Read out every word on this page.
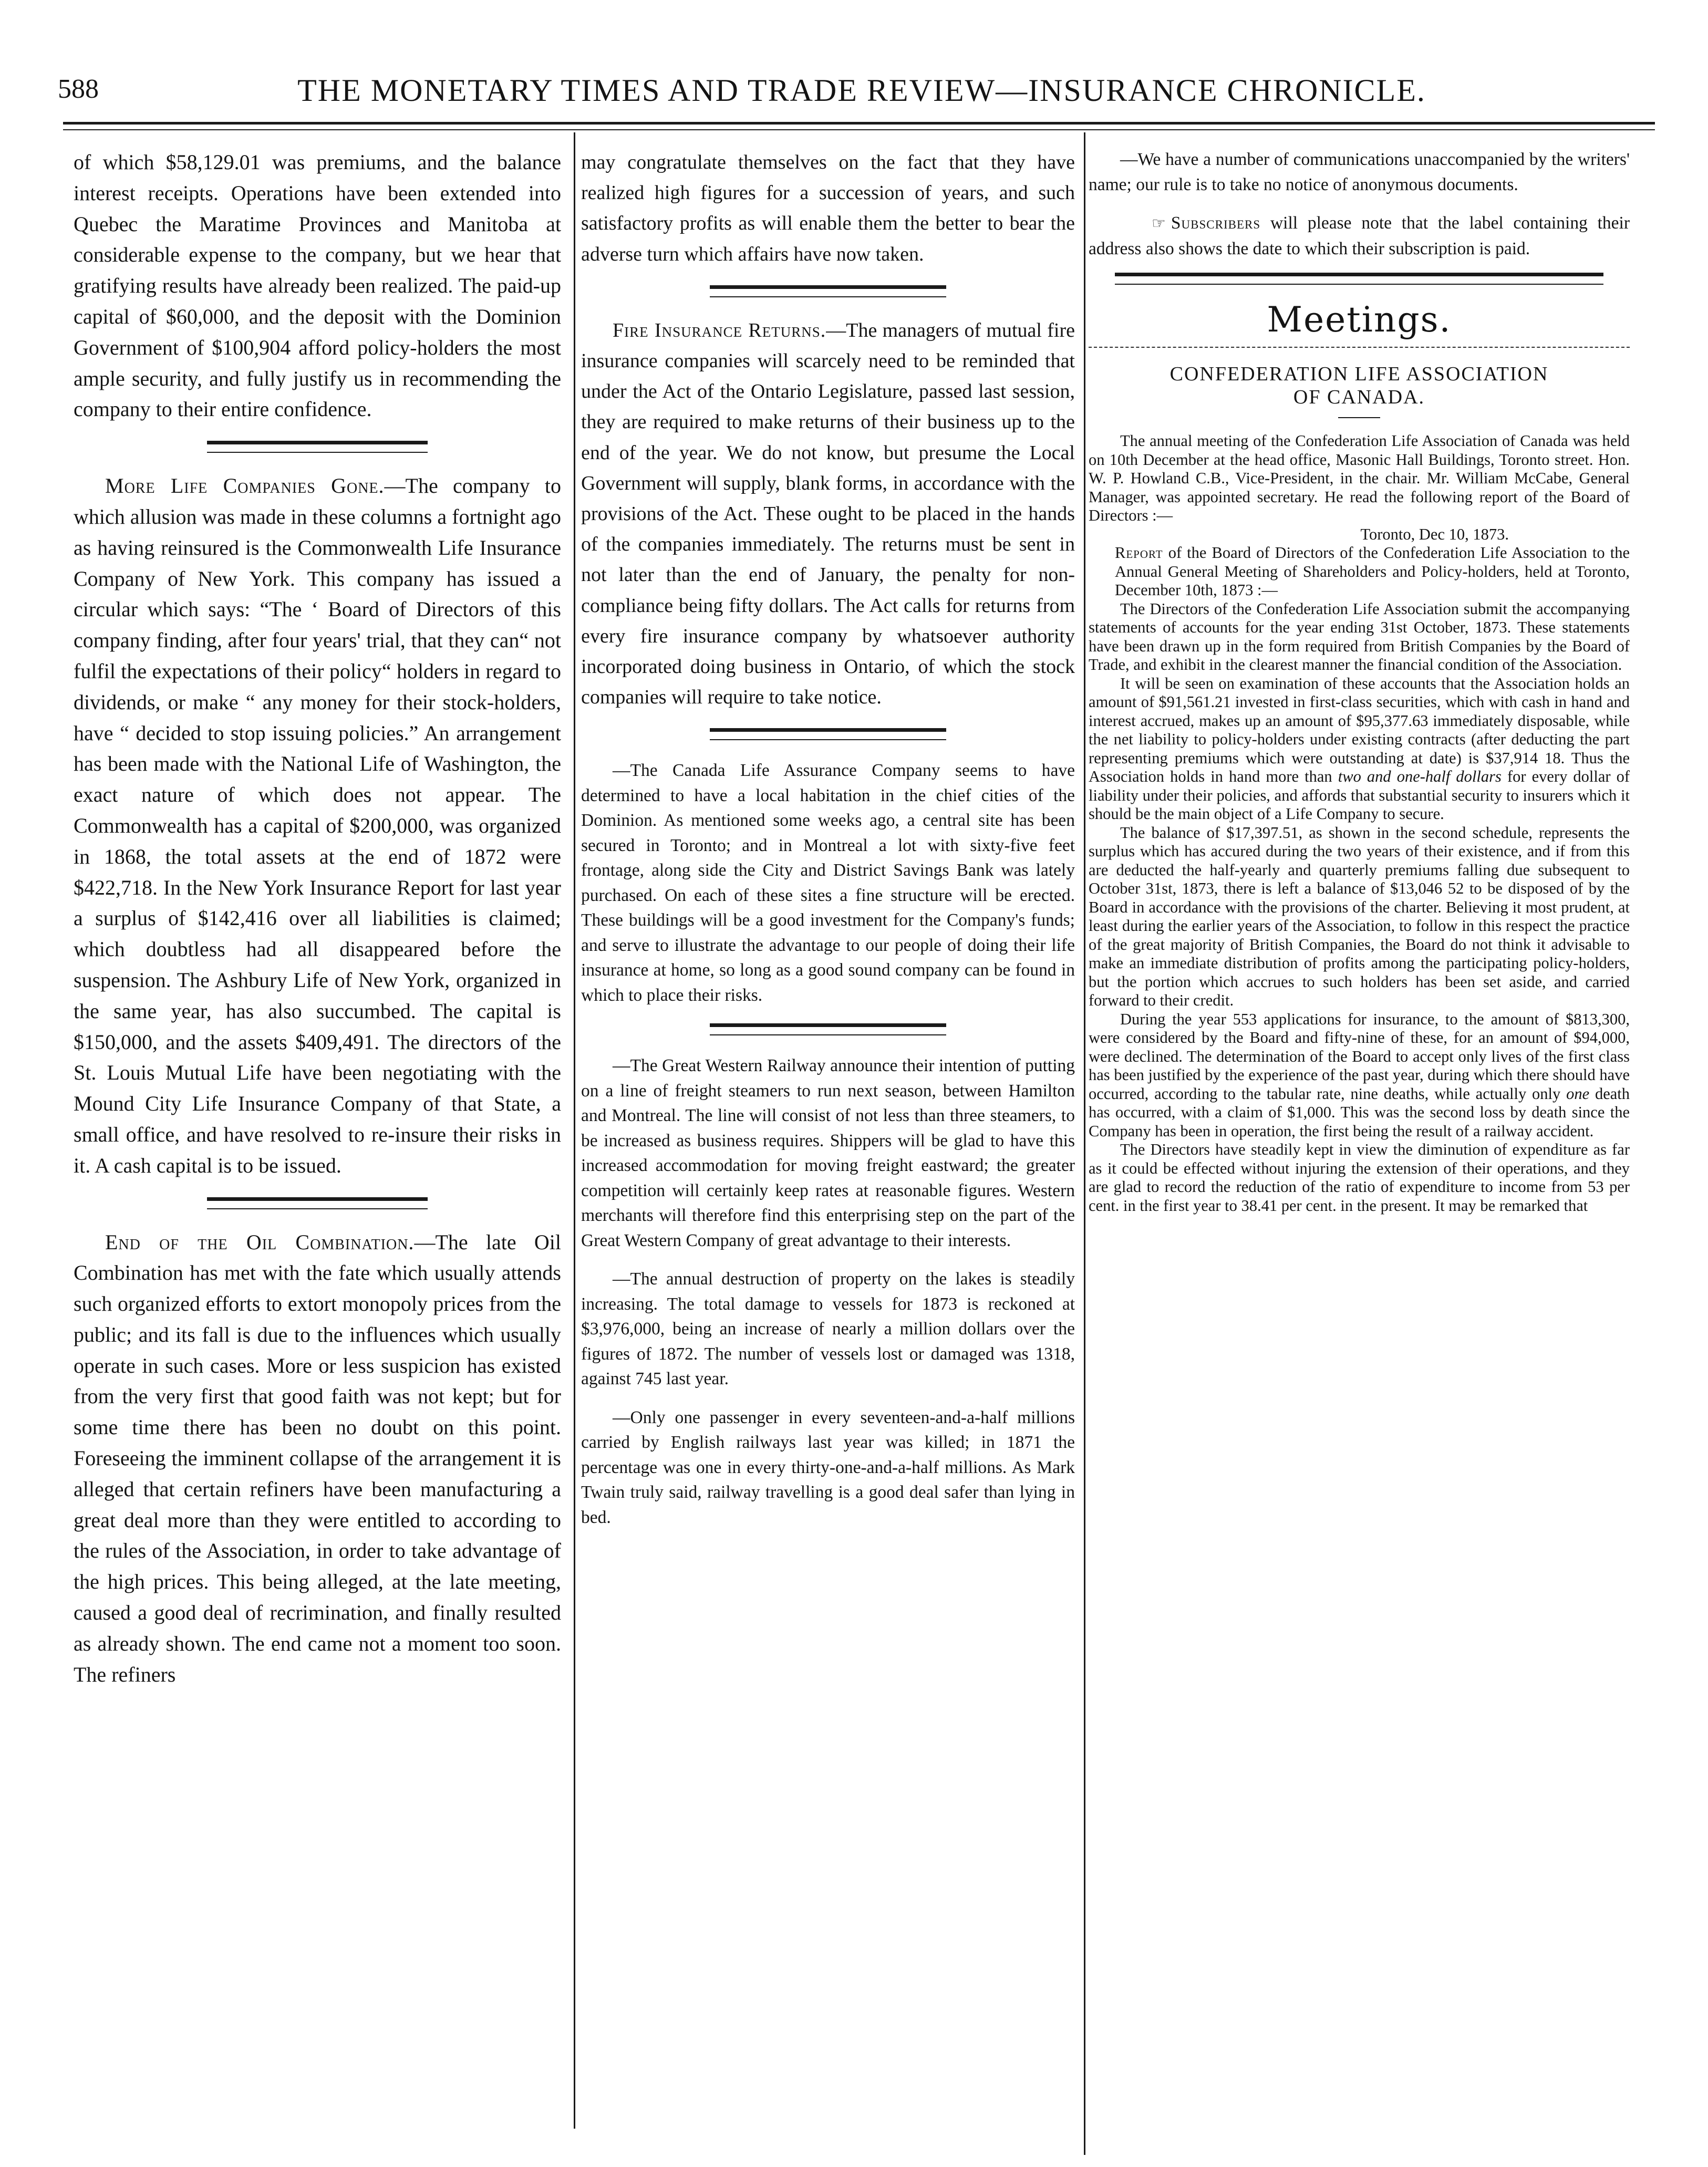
588	THE MONETARY TIMES AND TRADE REVIEW—INSURANCE CHRONICLE.

of which $58,129.01 was premiums, and the balance interest receipts. Operations have been extended into Quebec the Maratime Provinces and Manitoba at considerable expense to the company, but we hear that gratifying results have already been realized. The paid-up capital of $60,000, and the deposit with the Dominion Government of $100,904 afford policy-holders the most ample security, and fully justify us in recommending the company to their entire confidence.

More Life Companies Gone.—The company to which allusion was made in these columns a fortnight ago as having reinsured is the Commonwealth Life Insurance Company of New York. This company has issued a circular which says: “The ‘ Board of Directors of this company finding, after four years' trial, that they can“ not fulfil the expectations of their policy“ holders in regard to dividends, or make “ any money for their stock-holders, have “ decided to stop issuing policies.” An arrangement has been made with the National Life of Washington, the exact nature of which does not appear. The Commonwealth has a capital of $200,000, was organized in 1868, the total assets at the end of 1872 were $422,718. In the New York Insurance Report for last year a surplus of $142,416 over all liabilities is claimed; which doubtless had all disappeared before the suspension. The Ashbury Life of New York, organized in the same year, has also succumbed. The capital is $150,000, and the assets $409,491. The directors of the St. Louis Mutual Life have been negotiating with the Mound City Life Insurance Company of that State, a small office, and have resolved to re-insure their risks in it. A cash capital is to be issued.

End of the Oil Combination.—The late Oil Combination has met with the fate which usually attends such organized efforts to extort monopoly prices from the public; and its fall is due to the influences which usually operate in such cases. More or less suspicion has existed from the very first that good faith was not kept; but for some time there has been no doubt on this point. Foreseeing the imminent collapse of the arrangement it is alleged that certain refiners have been manufacturing a great deal more than they were entitled to according to the rules of the Association, in order to take advantage of the high prices. This being alleged, at the late meeting, caused a good deal of recrimination, and finally resulted as already shown. The end came not a moment too soon. The refiners

may congratulate themselves on the fact that they have realized high figures for a succession of years, and such satisfactory profits as will enable them the better to bear the adverse turn which affairs have now taken.

Fire Insurance Returns.—The managers of mutual fire insurance companies will scarcely need to be reminded that under the Act of the Ontario Legislature, passed last session, they are required to make returns of their business up to the end of the year. We do not know, but presume the Local Government will supply, blank forms, in accordance with the provisions of the Act. These ought to be placed in the hands of the companies immediately. The returns must be sent in not later than the end of January, the penalty for non-compliance being fifty dollars. The Act calls for returns from every fire insurance company by whatsoever authority incorporated doing business in Ontario, of which the stock companies will require to take notice.

—The Canada Life Assurance Company seems to have determined to have a local habitation in the chief cities of the Dominion. As mentioned some weeks ago, a central site has been secured in Toronto; and in Montreal a lot with sixty-five feet frontage, along side the City and District Savings Bank was lately purchased. On each of these sites a fine structure will be erected. These buildings will be a good investment for the Company's funds; and serve to illustrate the advantage to our people of doing their life insurance at home, so long as a good sound company can be found in which to place their risks.

—The Great Western Railway announce their intention of putting on a line of freight steamers to run next season, between Hamilton and Montreal. The line will consist of not less than three steamers, to be increased as business requires. Shippers will be glad to have this increased accommodation for moving freight eastward; the greater competition will certainly keep rates at reasonable figures. Western merchants will therefore find this enterprising step on the part of the Great Western Company of great advantage to their interests.

—The annual destruction of property on the lakes is steadily increasing. The total damage to vessels for 1873 is reckoned at $3,976,000, being an increase of nearly a million dollars over the figures of 1872. The number of vessels lost or damaged was 1318, against 745 last year.

—Only one passenger in every seventeen-and-a-half millions carried by English railways last year was killed; in 1871 the percentage was one in every thirty-one-and-a-half millions. As Mark Twain truly said, railway travelling is a good deal safer than lying in bed.

—We have a number of communications unaccompanied by the writers' name; our rule is to take no notice of anonymous documents.

☞ Subscribers will please note that the label containing their address also shows the date to which their subscription is paid.

Meetings.
CONFEDERATION LIFE ASSOCIATION
OF CANADA.

The annual meeting of the Confederation Life Association of Canada was held on 10th December at the head office, Masonic Hall Buildings, Toronto street. Hon. W. P. Howland C.B., Vice-President, in the chair. Mr. William McCabe, General Manager, was appointed secretary. He read the following report of the Board of Directors :—

Toronto, Dec 10, 1873.

Report of the Board of Directors of the Confederation Life Association to the Annual General Meeting of Shareholders and Policy-holders, held at Toronto, December 10th, 1873 :—

The Directors of the Confederation Life Association submit the accompanying statements of accounts for the year ending 31st October, 1873. These statements have been drawn up in the form required from British Companies by the Board of Trade, and exhibit in the clearest manner the financial condition of the Association.

It will be seen on examination of these accounts that the Association holds an amount of $91,561.21 invested in first-class securities, which with cash in hand and interest accrued, makes up an amount of $95,377.63 immediately disposable, while the net liability to policy-holders under existing contracts (after deducting the part representing premiums which were outstanding at date) is $37,914 18. Thus the Association holds in hand more than two and one-half dollars for every dollar of liability under their policies, and affords that substantial security to insurers which it should be the main object of a Life Company to secure.

The balance of $17,397.51, as shown in the second schedule, represents the surplus which has accured during the two years of their existence, and if from this are deducted the half-yearly and quarterly premiums falling due subsequent to October 31st, 1873, there is left a balance of $13,046 52 to be disposed of by the Board in accordance with the provisions of the charter. Believing it most prudent, at least during the earlier years of the Association, to follow in this respect the practice of the great majority of British Companies, the Board do not think it advisable to make an immediate distribution of profits among the participating policy-holders, but the portion which accrues to such holders has been set aside, and carried forward to their credit.

During the year 553 applications for insurance, to the amount of $813,300, were considered by the Board and fifty-nine of these, for an amount of $94,000, were declined. The determination of the Board to accept only lives of the first class has been justified by the experience of the past year, during which there should have occurred, according to the tabular rate, nine deaths, while actually only one death has occurred, with a claim of $1,000. This was the second loss by death since the Company has been in operation, the first being the result of a railway accident.

The Directors have steadily kept in view the diminution of expenditure as far as it could be effected without injuring the extension of their operations, and they are glad to record the reduction of the ratio of expenditure to income from 53 per cent. in the first year to 38.41 per cent. in the present. It may be remarked that
